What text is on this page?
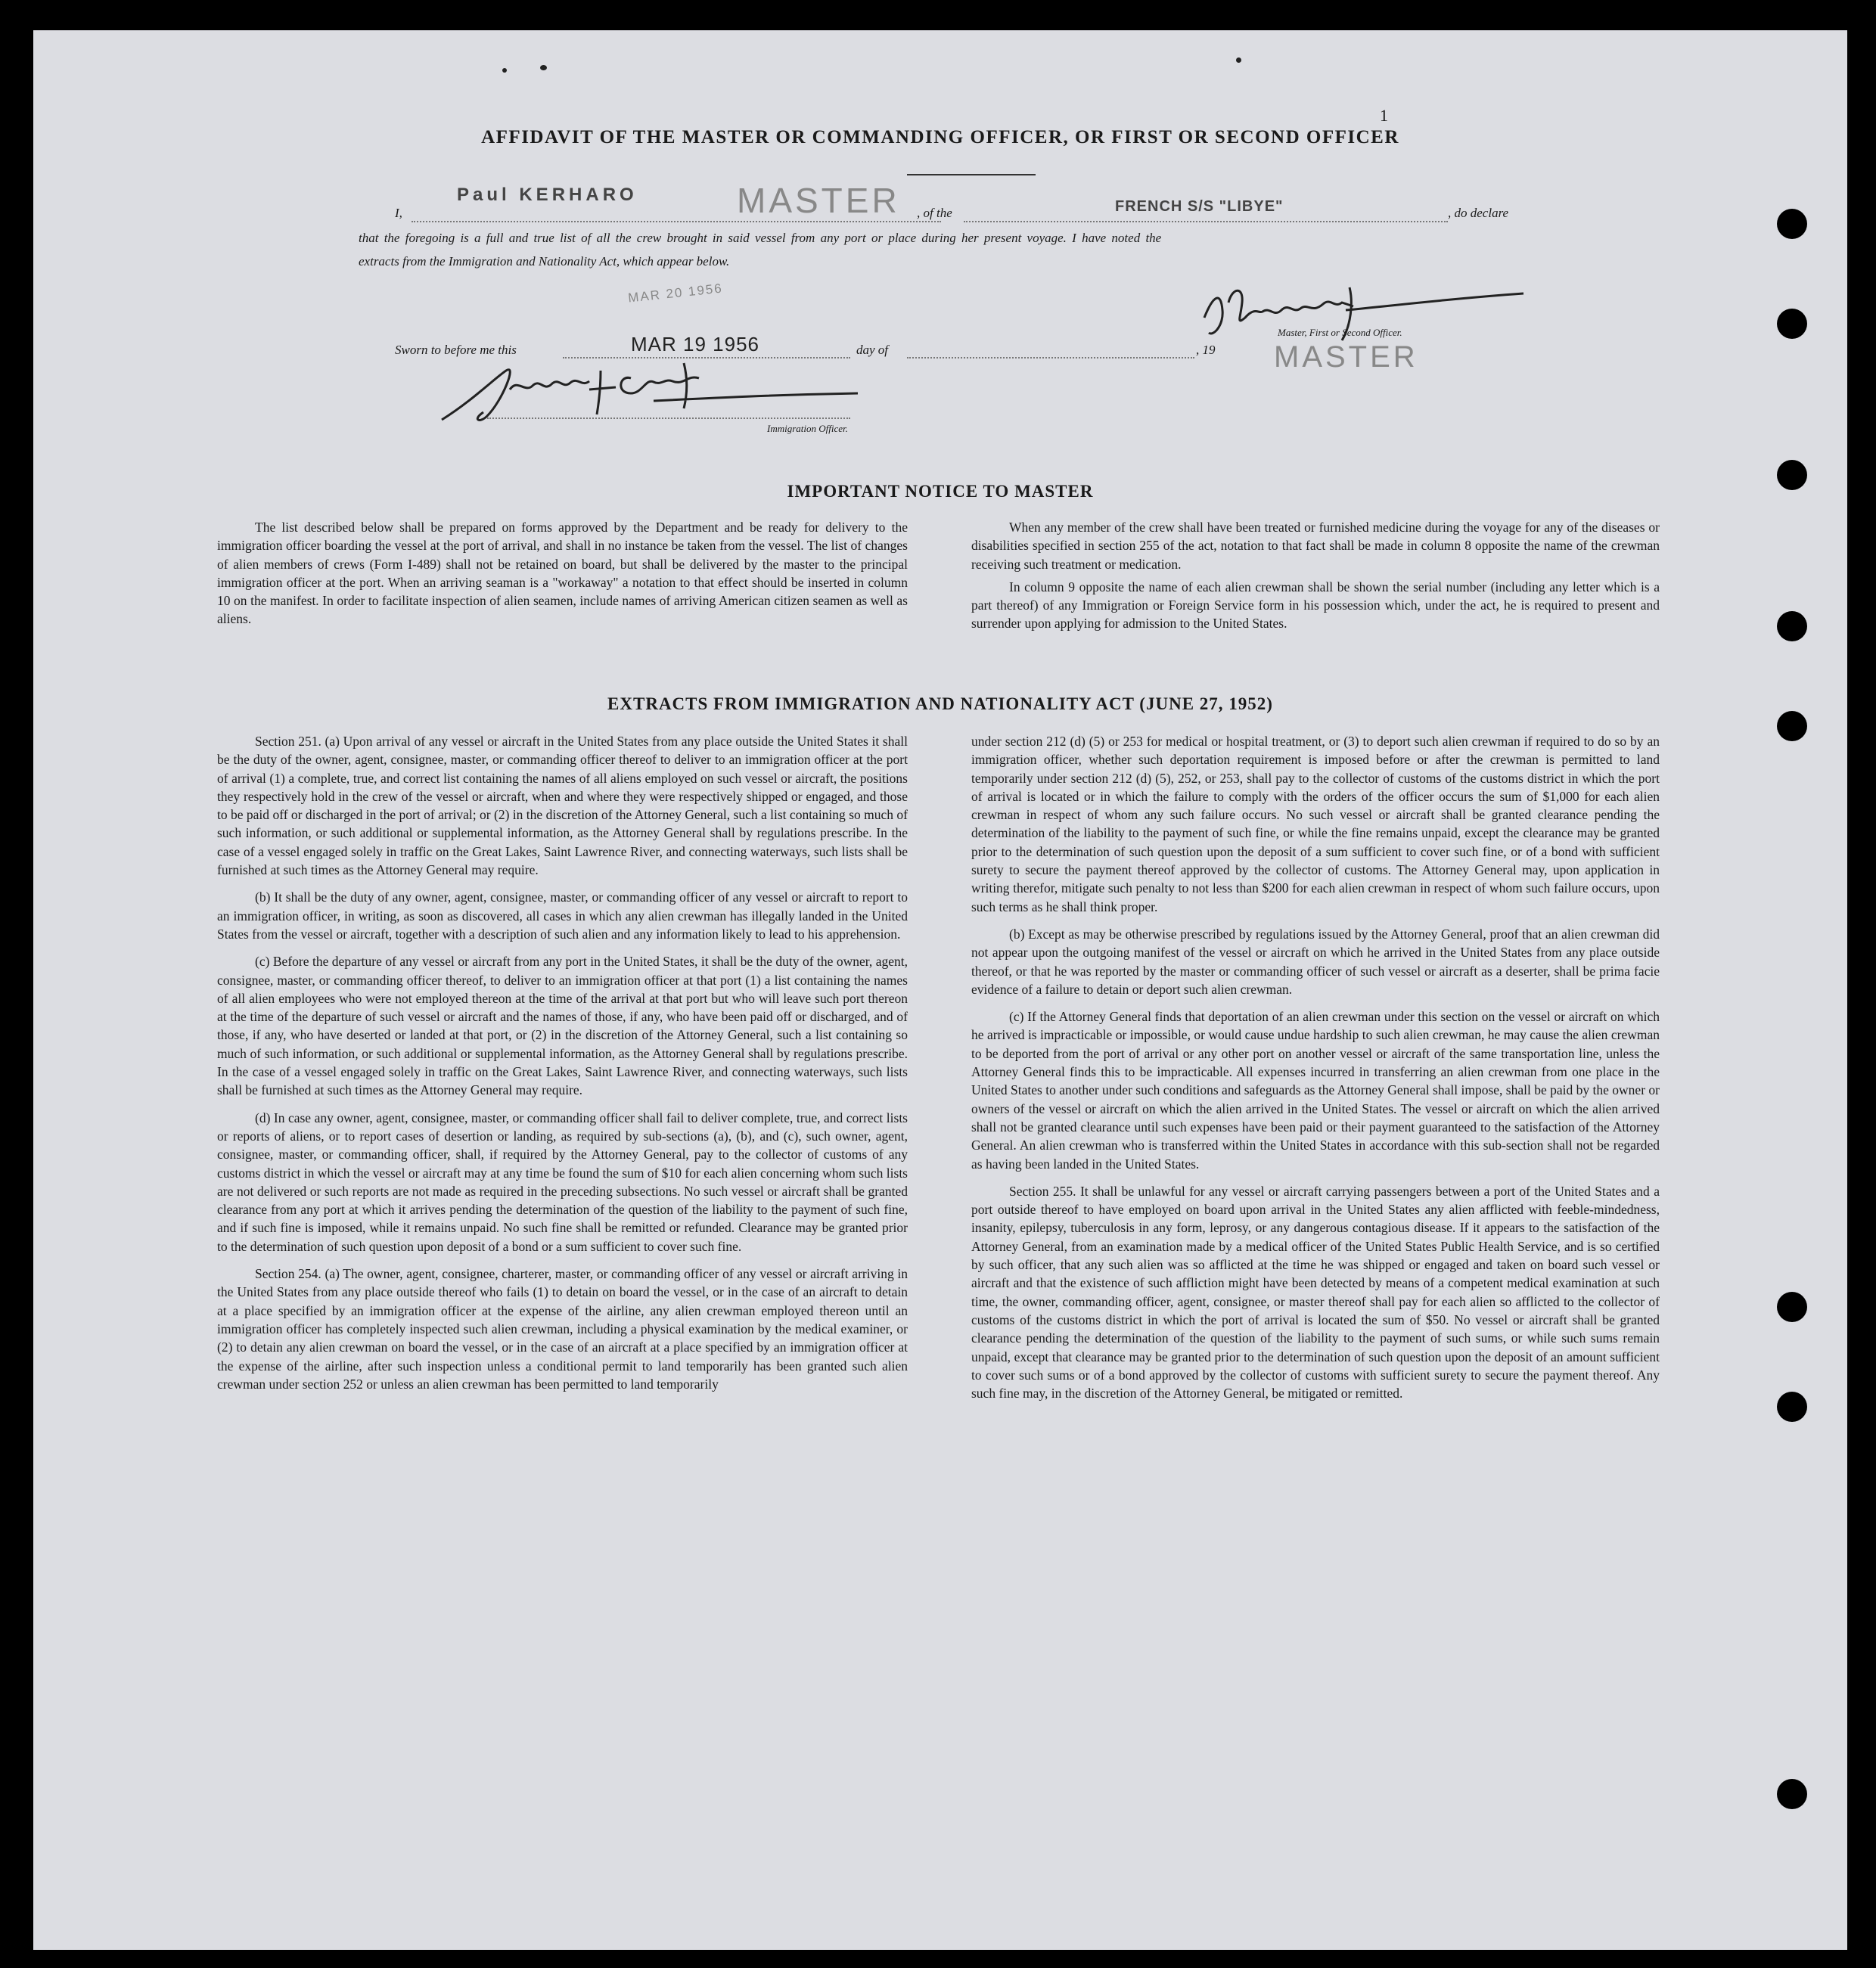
1
AFFIDAVIT OF THE MASTER OR COMMANDING OFFICER, OR FIRST OR SECOND OFFICER
I,
Paul KERHARO	MASTER , of the	FRENCH S/S "LIBYE"	, do declare
that the foregoing is a full and true list of all the crew brought in said vessel from any port or place during her present voyage. I have noted the
extracts from the Immigration and Nationality Act, which appear below.
MAR 20 1956
Sworn to before me this	MAR 19 1956	day of	, 19
Master, First or Second Officer.
MASTER
Immigration Officer.
IMPORTANT NOTICE TO MASTER

The list described below shall be prepared on forms approved by the Department and be ready for delivery to the immigration officer boarding the vessel at the port of arrival, and shall in no instance be taken from the vessel. The list of changes of alien members of crews (Form I-489) shall not be retained on board, but shall be delivered by the master to the principal immigration officer at the port. When an arriving seaman is a "workaway" a notation to that effect should be inserted in column 10 on the manifest. In order to facilitate inspection of alien seamen, include names of arriving American citizen seamen as well as aliens.

When any member of the crew shall have been treated or furnished medicine during the voyage for any of the diseases or disabilities specified in section 255 of the act, notation to that fact shall be made in column 8 opposite the name of the crewman receiving such treatment or medication.

In column 9 opposite the name of each alien crewman shall be shown the serial number (including any letter which is a part thereof) of any Immigration or Foreign Service form in his possession which, under the act, he is required to present and surrender upon applying for admission to the United States.

EXTRACTS FROM IMMIGRATION AND NATIONALITY ACT (JUNE 27, 1952)

Section 251. (a) Upon arrival of any vessel or aircraft in the United States from any place outside the United States it shall be the duty of the owner, agent, consignee, master, or commanding officer thereof to deliver to an immigration officer at the port of arrival (1) a complete, true, and correct list containing the names of all aliens employed on such vessel or aircraft, the positions they respectively hold in the crew of the vessel or aircraft, when and where they were respectively shipped or engaged, and those to be paid off or discharged in the port of arrival; or (2) in the discretion of the Attorney General, such a list containing so much of such information, or such additional or supplemental information, as the Attorney General shall by regulations prescribe. In the case of a vessel engaged solely in traffic on the Great Lakes, Saint Lawrence River, and connecting waterways, such lists shall be furnished at such times as the Attorney General may require.

(b) It shall be the duty of any owner, agent, consignee, master, or commanding officer of any vessel or aircraft to report to an immigration officer, in writing, as soon as discovered, all cases in which any alien crewman has illegally landed in the United States from the vessel or aircraft, together with a description of such alien and any information likely to lead to his apprehension.

(c) Before the departure of any vessel or aircraft from any port in the United States, it shall be the duty of the owner, agent, consignee, master, or commanding officer thereof, to deliver to an immigration officer at that port (1) a list containing the names of all alien employees who were not employed thereon at the time of the arrival at that port but who will leave such port thereon at the time of the departure of such vessel or aircraft and the names of those, if any, who have been paid off or discharged, and of those, if any, who have deserted or landed at that port, or (2) in the discretion of the Attorney General, such a list containing so much of such information, or such additional or supplemental information, as the Attorney General shall by regulations prescribe. In the case of a vessel engaged solely in traffic on the Great Lakes, Saint Lawrence River, and connecting waterways, such lists shall be furnished at such times as the Attorney General may require.

(d) In case any owner, agent, consignee, master, or commanding officer shall fail to deliver complete, true, and correct lists or reports of aliens, or to report cases of desertion or landing, as required by sub-sections (a), (b), and (c), such owner, agent, consignee, master, or commanding officer, shall, if required by the Attorney General, pay to the collector of customs of any customs district in which the vessel or aircraft may at any time be found the sum of $10 for each alien concerning whom such lists are not delivered or such reports are not made as required in the preceding subsections. No such vessel or aircraft shall be granted clearance from any port at which it arrives pending the determination of the question of the liability to the payment of such fine, and if such fine is imposed, while it remains unpaid. No such fine shall be remitted or refunded. Clearance may be granted prior to the determination of such question upon deposit of a bond or a sum sufficient to cover such fine.

Section 254. (a) The owner, agent, consignee, charterer, master, or commanding officer of any vessel or aircraft arriving in the United States from any place outside thereof who fails (1) to detain on board the vessel, or in the case of an aircraft to detain at a place specified by an immigration officer at the expense of the airline, any alien crewman employed thereon until an immigration officer has completely inspected such alien crewman, including a physical examination by the medical examiner, or (2) to detain any alien crewman on board the vessel, or in the case of an aircraft at a place specified by an immigration officer at the expense of the airline, after such inspection unless a conditional permit to land temporarily has been granted such alien crewman under section 252 or unless an alien crewman has been permitted to land temporarily

under section 212 (d) (5) or 253 for medical or hospital treatment, or (3) to deport such alien crewman if required to do so by an immigration officer, whether such deportation requirement is imposed before or after the crewman is permitted to land temporarily under section 212 (d) (5), 252, or 253, shall pay to the collector of customs of the customs district in which the port of arrival is located or in which the failure to comply with the orders of the officer occurs the sum of $1,000 for each alien crewman in respect of whom any such failure occurs. No such vessel or aircraft shall be granted clearance pending the determination of the liability to the payment of such fine, or while the fine remains unpaid, except the clearance may be granted prior to the determination of such question upon the deposit of a sum sufficient to cover such fine, or of a bond with sufficient surety to secure the payment thereof approved by the collector of customs. The Attorney General may, upon application in writing therefor, mitigate such penalty to not less than $200 for each alien crewman in respect of whom such failure occurs, upon such terms as he shall think proper.

(b) Except as may be otherwise prescribed by regulations issued by the Attorney General, proof that an alien crewman did not appear upon the outgoing manifest of the vessel or aircraft on which he arrived in the United States from any place outside thereof, or that he was reported by the master or commanding officer of such vessel or aircraft as a deserter, shall be prima facie evidence of a failure to detain or deport such alien crewman.

(c) If the Attorney General finds that deportation of an alien crewman under this section on the vessel or aircraft on which he arrived is impracticable or impossible, or would cause undue hardship to such alien crewman, he may cause the alien crewman to be deported from the port of arrival or any other port on another vessel or aircraft of the same transportation line, unless the Attorney General finds this to be impracticable. All expenses incurred in transferring an alien crewman from one place in the United States to another under such conditions and safeguards as the Attorney General shall impose, shall be paid by the owner or owners of the vessel or aircraft on which the alien arrived in the United States. The vessel or aircraft on which the alien arrived shall not be granted clearance until such expenses have been paid or their payment guaranteed to the satisfaction of the Attorney General. An alien crewman who is transferred within the United States in accordance with this sub-section shall not be regarded as having been landed in the United States.

Section 255. It shall be unlawful for any vessel or aircraft carrying passengers between a port of the United States and a port outside thereof to have employed on board upon arrival in the United States any alien afflicted with feeble-mindedness, insanity, epilepsy, tuberculosis in any form, leprosy, or any dangerous contagious disease. If it appears to the satisfaction of the Attorney General, from an examination made by a medical officer of the United States Public Health Service, and is so certified by such officer, that any such alien was so afflicted at the time he was shipped or engaged and taken on board such vessel or aircraft and that the existence of such affliction might have been detected by means of a competent medical examination at such time, the owner, commanding officer, agent, consignee, or master thereof shall pay for each alien so afflicted to the collector of customs of the customs district in which the port of arrival is located the sum of $50. No vessel or aircraft shall be granted clearance pending the determination of the question of the liability to the payment of such sums, or while such sums remain unpaid, except that clearance may be granted prior to the determination of such question upon the deposit of an amount sufficient to cover such sums or of a bond approved by the collector of customs with sufficient surety to secure the payment thereof. Any such fine may, in the discretion of the Attorney General, be mitigated or remitted.
